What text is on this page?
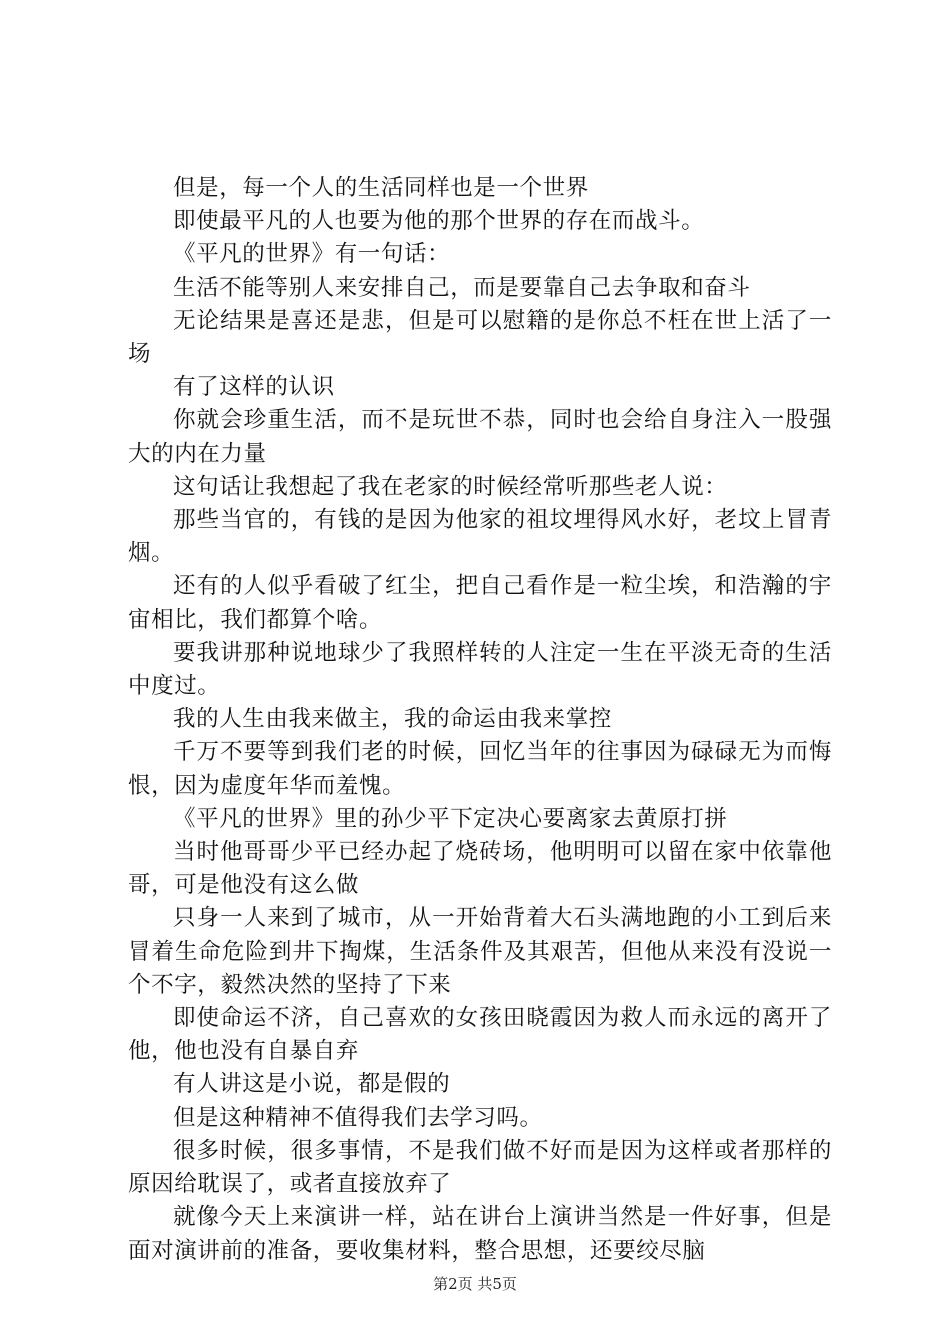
但是，每一个人的生活同样也是一个世界

即使最平凡的人也要为他的那个世界的存在而战斗。

《平凡的世界》有一句话：

生活不能等别人来安排自己，而是要靠自己去争取和奋斗

无论结果是喜还是悲，但是可以慰籍的是你总不枉在世上活了一场

有了这样的认识

你就会珍重生活，而不是玩世不恭，同时也会给自身注入一股强大的内在力量

这句话让我想起了我在老家的时候经常听那些老人说：

那些当官的，有钱的是因为他家的祖坟埋得风水好，老坟上冒青烟。

还有的人似乎看破了红尘，把自己看作是一粒尘埃，和浩瀚的宇宙相比，我们都算个啥。

要我讲那种说地球少了我照样转的人注定一生在平淡无奇的生活中度过。

我的人生由我来做主，我的命运由我来掌控

千万不要等到我们老的时候，回忆当年的往事因为碌碌无为而悔恨，因为虚度年华而羞愧。

《平凡的世界》里的孙少平下定决心要离家去黄原打拼

当时他哥哥少平已经办起了烧砖场，他明明可以留在家中依靠他哥，可是他没有这么做

只身一人来到了城市，从一开始背着大石头满地跑的小工到后来冒着生命危险到井下掏煤，生活条件及其艰苦，但他从来没有没说一个不字，毅然决然的坚持了下来

即使命运不济，自己喜欢的女孩田晓霞因为救人而永远的离开了他，他也没有自暴自弃

有人讲这是小说，都是假的

但是这种精神不值得我们去学习吗。

很多时候，很多事情，不是我们做不好而是因为这样或者那样的原因给耽误了，或者直接放弃了

就像今天上来演讲一样，站在讲台上演讲当然是一件好事，但是面对演讲前的准备，要收集材料，整合思想，还要绞尽脑

第2页 共5页
